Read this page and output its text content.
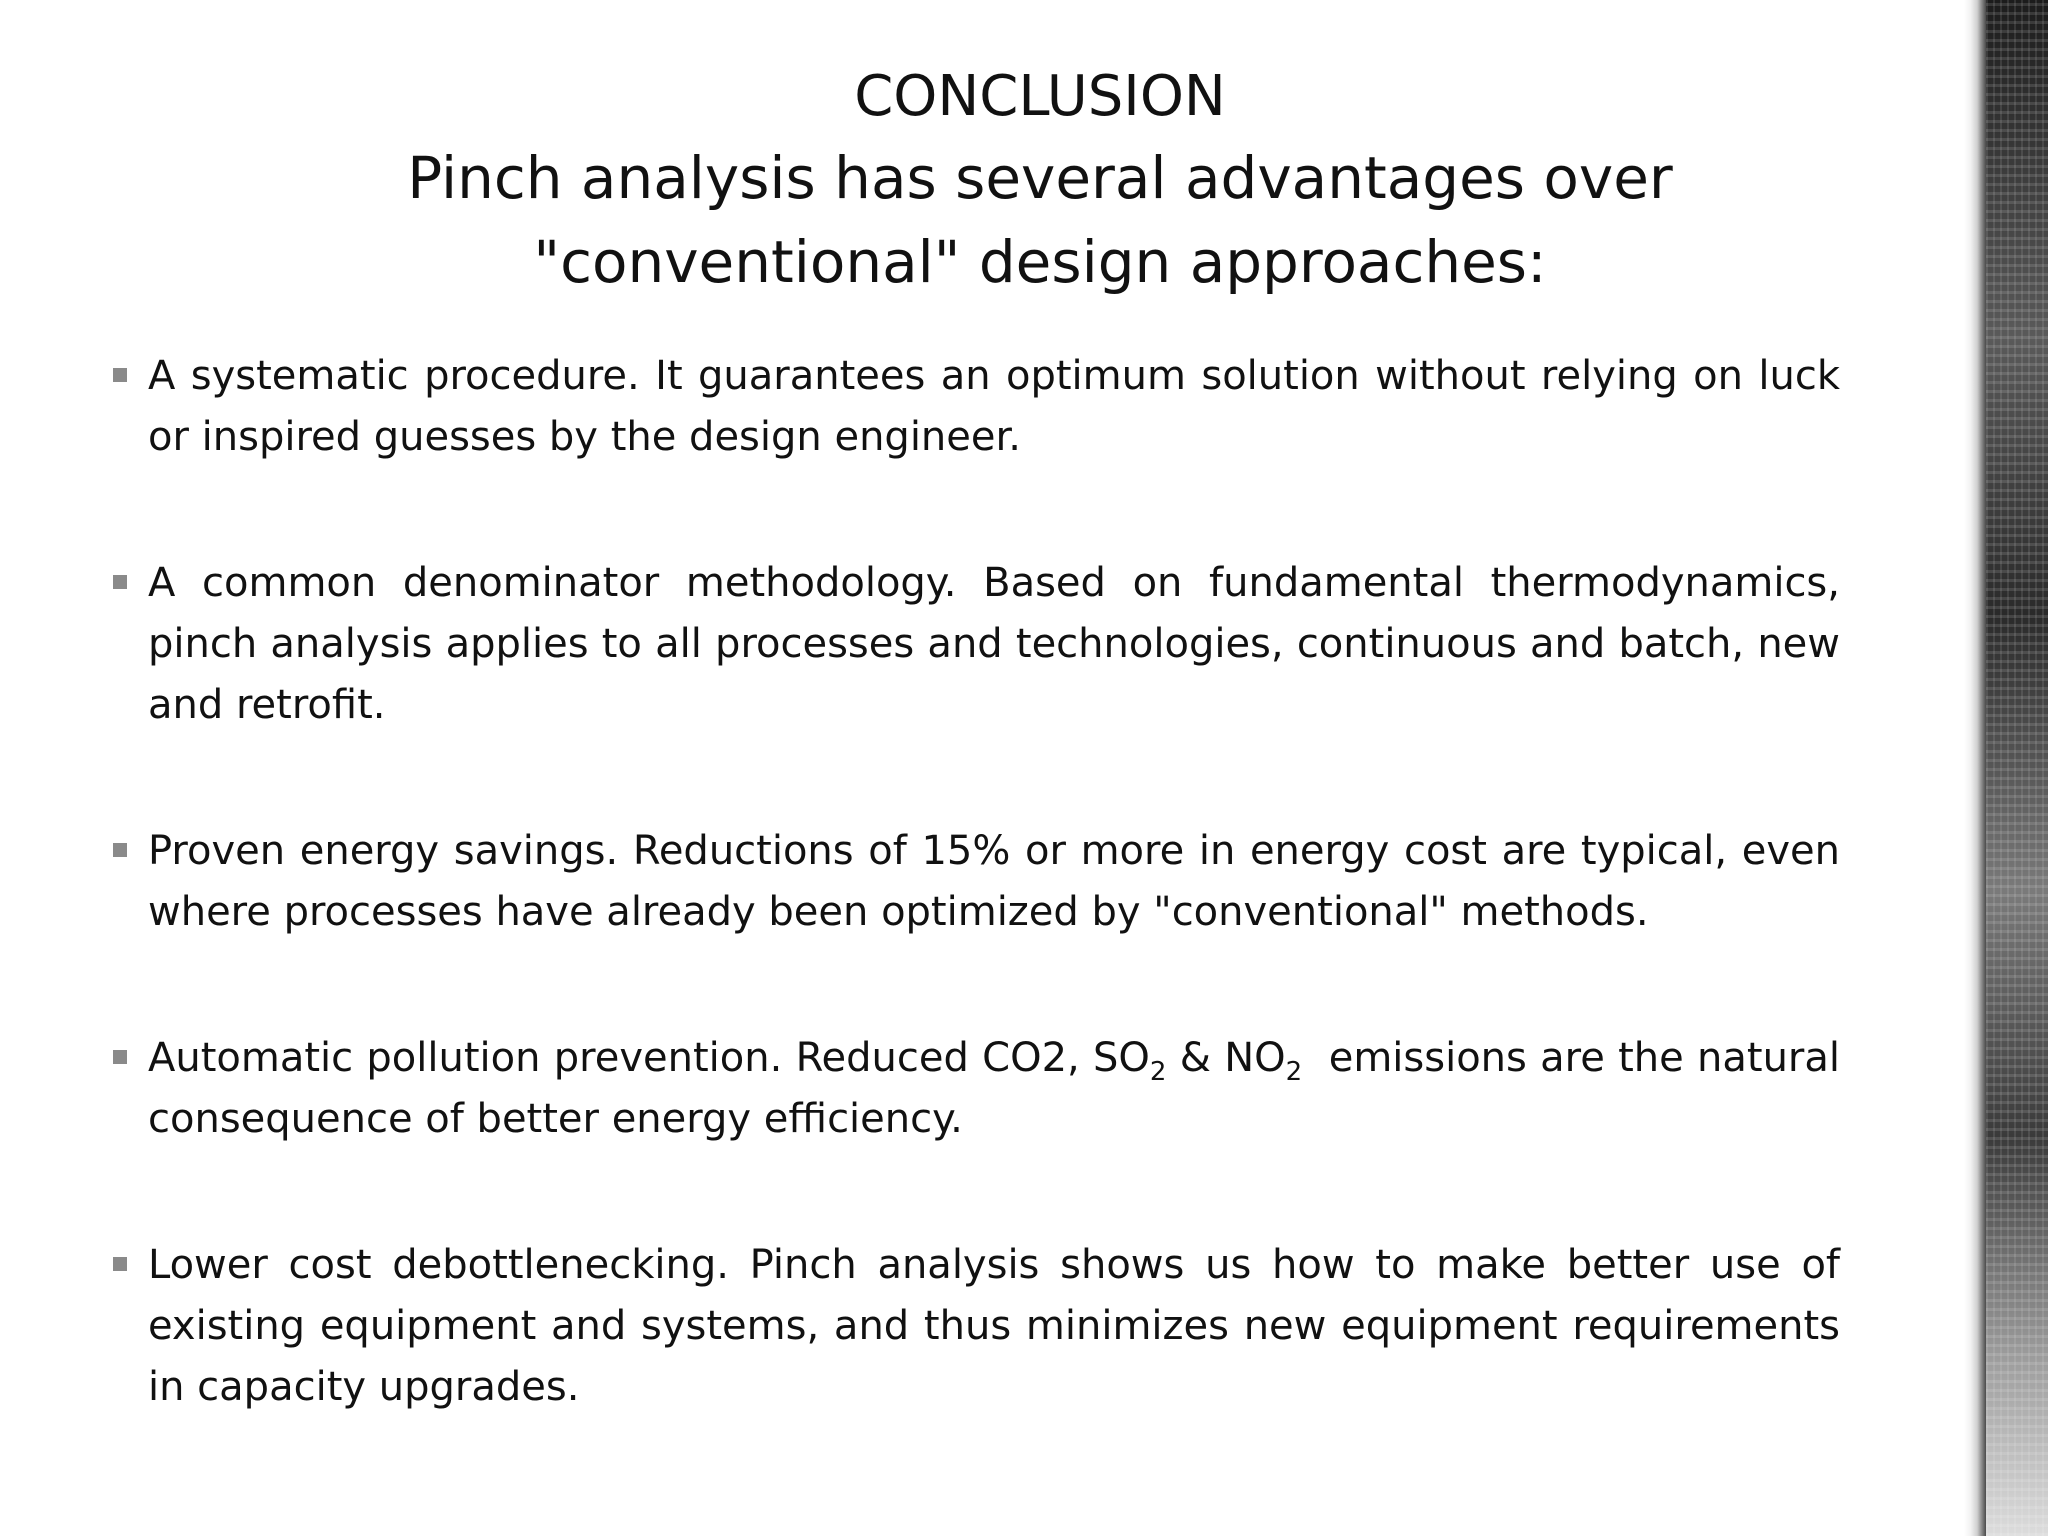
CONCLUSION
Pinch analysis has several advantages over
"conventional" design approaches:
A systematic procedure. It guarantees an optimum solution without relying on luck or inspired guesses by the design engineer.
A common denominator methodology. Based on fundamental thermodynamics, pinch analysis applies to all processes and technologies, continuous and batch, new and retrofit.
Proven energy savings. Reductions of 15% or more in energy cost are typical, even where processes have already been optimized by "conventional" methods.
Automatic pollution prevention. Reduced CO2, $SO_2$ & $NO_2$  emissions are the natural consequence of better energy efficiency.
Lower cost debottlenecking. Pinch analysis shows us how to make better use of existing equipment and systems, and thus minimizes new equipment requirements in capacity upgrades.
